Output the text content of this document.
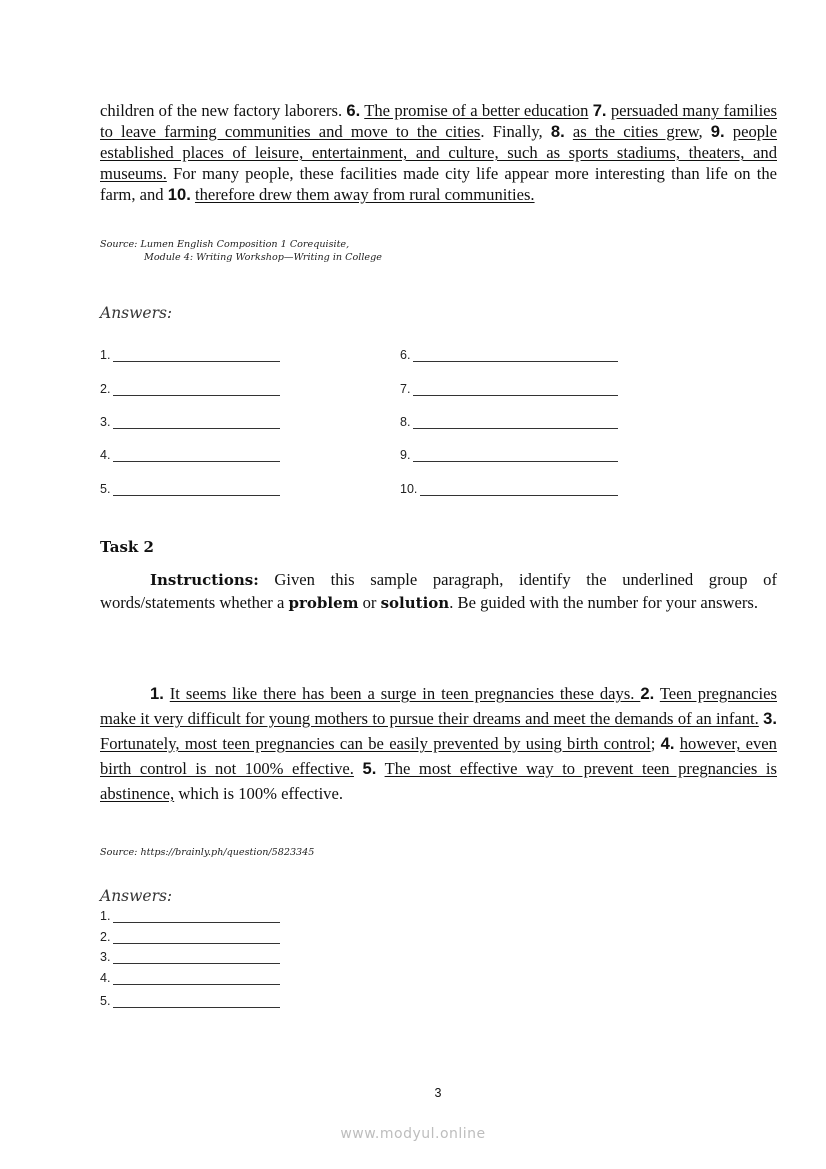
children of the new factory laborers. 6. The promise of a better education 7. persuaded many families to leave farming communities and move to the cities. Finally, 8. as the cities grew, 9. people established places of leisure, entertainment, and culture, such as sports stadiums, theaters, and museums. For many people, these facilities made city life appear more interesting than life on the farm, and 10. therefore drew them away from rural communities.
Source: Lumen English Composition 1 Corequisite,
Module 4: Writing Workshop—Writing in College
Answers:
1.
2.
3.
4.
5.
6.
7.
8.
9.
10.
Task 2
Instructions: Given this sample paragraph, identify the underlined group of words/statements whether a problem or solution. Be guided with the number for your answers.
1. It seems like there has been a surge in teen pregnancies these days. 2. Teen pregnancies make it very difficult for young mothers to pursue their dreams and meet the demands of an infant. 3. Fortunately, most teen pregnancies can be easily prevented by using birth control; 4. however, even birth control is not 100% effective. 5. The most effective way to prevent teen pregnancies is abstinence, which is 100% effective.
Source: https://brainly.ph/question/5823345
Answers:
1.
2.
3.
4.
5.
3
www.modyul.online
